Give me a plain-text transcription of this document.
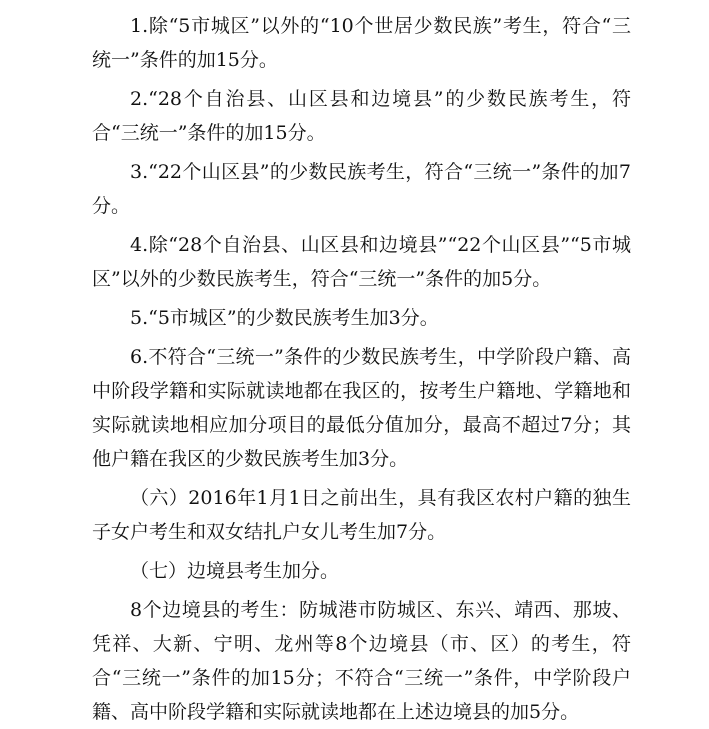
1.除“5市城区”以外的“10个世居少数民族”考生，符合“三统一”条件的加15分。

2.“28个自治县、山区县和边境县”的少数民族考生，符合“三统一”条件的加15分。

3.“22个山区县”的少数民族考生，符合“三统一”条件的加7分。

4.除“28个自治县、山区县和边境县”“22个山区县”“5市城区”以外的少数民族考生，符合“三统一”条件的加5分。

5.“5市城区”的少数民族考生加3分。

6.不符合“三统一”条件的少数民族考生，中学阶段户籍、高中阶段学籍和实际就读地都在我区的，按考生户籍地、学籍地和实际就读地相应加分项目的最低分值加分，最高不超过7分；其他户籍在我区的少数民族考生加3分。

（六）2016年1月1日之前出生，具有我区农村户籍的独生子女户考生和双女结扎户女儿考生加7分。

（七）边境县考生加分。

8个边境县的考生：防城港市防城区、东兴、靖西、那坡、凭祥、大新、宁明、龙州等8个边境县（市、区）的考生，符合“三统一”条件的加15分；不符合“三统一”条件，中学阶段户籍、高中阶段学籍和实际就读地都在上述边境县的加5分。
